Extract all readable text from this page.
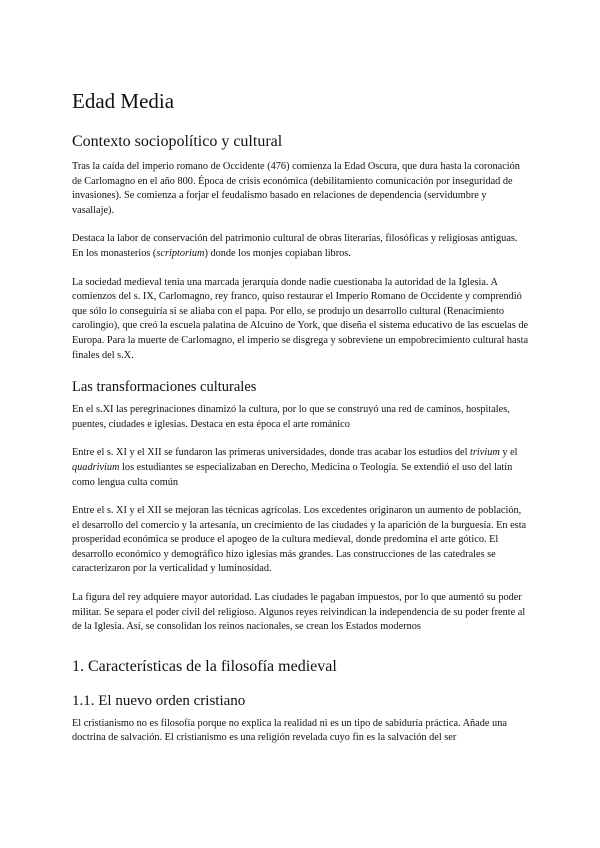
Edad Media
Contexto sociopolítico y cultural

Tras la caída del imperio romano de Occidente (476) comienza la Edad Oscura, que dura hasta la coronación de Carlomagno en el año 800. Época de crisis económica (debilitamiento comunicación por inseguridad de invasiones). Se comienza a forjar el feudalismo basado en relaciones de dependencia (servidumbre y vasallaje).

Destaca la labor de conservación del patrimonio cultural de obras literarias, filosóficas y religiosas antiguas. En los monasterios (scriptorium) donde los monjes copiaban libros.

La sociedad medieval tenía una marcada jerarquía donde nadie cuestionaba la autoridad de la Iglesia. A comienzos del s. IX, Carlomagno, rey franco, quiso restaurar el Imperio Romano de Occidente y comprendió que sólo lo conseguiría si se aliaba con el papa. Por ello, se produjo un desarrollo cultural (Renacimiento carolingio), que creó la escuela palatina de Alcuino de York, que diseña el sistema educativo de las escuelas de Europa. Para la muerte de Carlomagno, el imperio se disgrega y sobreviene un empobrecimiento cultural hasta finales del s.X.

Las transformaciones culturales

En el s.XI las peregrinaciones dinamizó la cultura, por lo que se construyó una red de caminos, hospitales, puentes, ciudades e iglesias. Destaca en esta época el arte románico

Entre el s. XI y el XII se fundaron las primeras universidades, donde tras acabar los estudios del trivium y el quadrivium los estudiantes se especializaban en Derecho, Medicina o Teología. Se extendió el uso del latín como lengua culta común

Entre el s. XI y el XII se mejoran las técnicas agrícolas. Los excedentes originaron un aumento de población, el desarrollo del comercio y la artesanía, un crecimiento de las ciudades y la aparición de la burguesía. En esta prosperidad económica se produce el apogeo de la cultura medieval, donde predomina el arte gótico. El desarrollo económico y demográfico hizo iglesias más grandes. Las construcciones de las catedrales se caracterizaron por la verticalidad y luminosidad.

La figura del rey adquiere mayor autoridad. Las ciudades le pagaban impuestos, por lo que aumentó su poder militar. Se separa el poder civil del religioso. Algunos reyes reivindican la independencia de su poder frente al de la Iglesia. Así, se consolidan los reinos nacionales, se crean los Estados modernos

1. Características de la filosofía medieval
1.1. El nuevo orden cristiano

El cristianismo no es filosofía porque no explica la realidad ni es un tipo de sabiduría práctica. Añade una doctrina de salvación. El cristianismo es una religión revelada cuyo fin es la salvación del ser
